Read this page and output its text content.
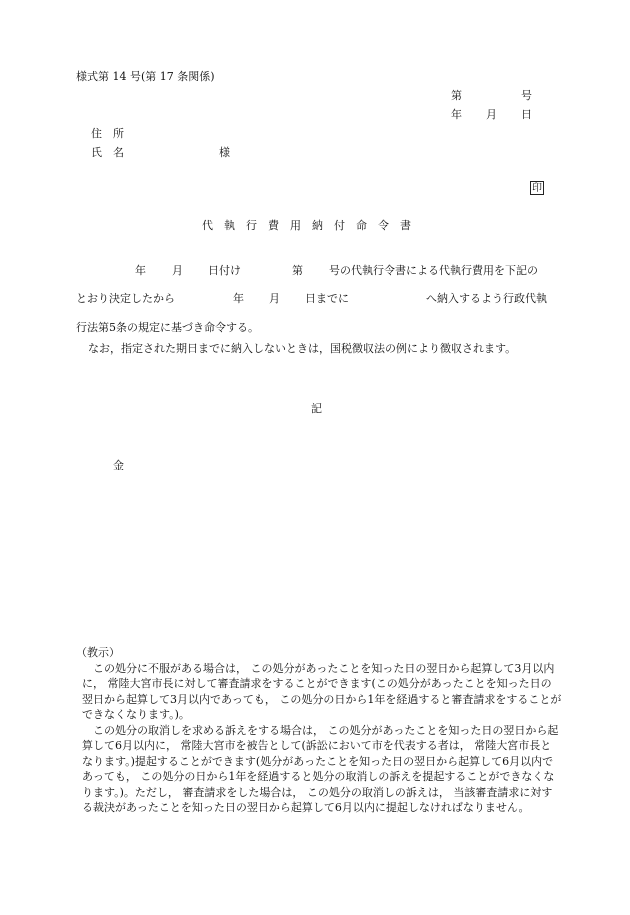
様式第 14 号(第 17 条関係)
第	号
年 月 日
住　所
氏　名	様
印
代　執　行　費　用　納　付　命　令　書
年 月 日付け	第 号の代執行令書による代執行費用を下記の
とおり決定したから	年 月 日までに	へ納入するよう行政代執
行法第5条の規定に基づき命令する。
なお，指定された期日までに納入しないときは，国税徴収法の例により徴収されます。
記
金

（教示）

この処分に不服がある場合は， この処分があったことを知った日の翌日から起算して3月以内に， 常陸大宮市長に対して審査請求をすることができます(この処分があったことを知った日の翌日から起算して3月以内であっても， この処分の日から1年を経過すると審査請求をすることができなくなります。)。

この処分の取消しを求める訴えをする場合は， この処分があったことを知った日の翌日から起算して6月以内に， 常陸大宮市を被告として(訴訟において市を代表する者は， 常陸大宮市長となります。)提起することができます(処分があったことを知った日の翌日から起算して6月以内であっても， この処分の日から1年を経過すると処分の取消しの訴えを提起することができなくなります。)。ただし， 審査請求をした場合は， この処分の取消しの訴えは， 当該審査請求に対する裁決があったことを知った日の翌日から起算して6月以内に提起しなければなりません。
